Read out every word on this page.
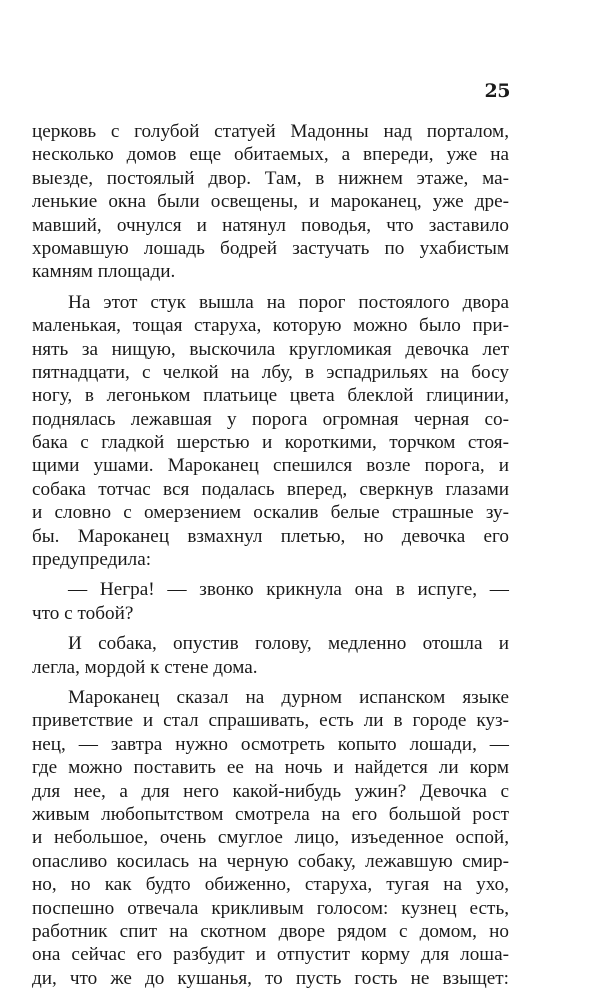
25
церковь с голубой статуей Мадонны над порталом,
несколько домов еще обитаемых, а впереди, уже на
выезде, постоялый двор. Там, в нижнем этаже, ма-
ленькие окна были освещены, и мароканец, уже дре-
мавший, очнулся и натянул поводья, что заставило
хромавшую лошадь бодрей застучать по ухабистым
камням площади.
На этот стук вышла на порог постоялого двора
маленькая, тощая старуха, которую можно было при-
нять за нищую, выскочила кругломикая девочка лет
пятнадцати, с челкой на лбу, в эспадрильях на босу
ногу, в легоньком платьице цвета блеклой глицинии,
поднялась лежавшая у порога огромная черная со-
бака с гладкой шерстью и короткими, торчком стоя-
щими ушами. Мароканец спешился возле порога, и
собака тотчас вся подалась вперед, сверкнув глазами
и словно с омерзением оскалив белые страшные зу-
бы. Мароканец взмахнул плетью, но девочка его
предупредила:
— Негра! — звонко крикнула она в испуге, —
что с тобой?
И собака, опустив голову, медленно отошла и
легла, мордой к стене дома.
Мароканец сказал на дурном испанском языке
приветствие и стал спрашивать, есть ли в городе куз-
нец, — завтра нужно осмотреть копыто лошади, —
где можно поставить ее на ночь и найдется ли корм
для нее, а для него какой-нибудь ужин? Девочка с
живым любопытством смотрела на его большой рост
и небольшое, очень смуглое лицо, изъеденное оспой,
опасливо косилась на черную собаку, лежавшую смир-
но, но как будто обиженно, старуха, тугая на ухо,
поспешно отвечала крикливым голосом: кузнец есть,
работник спит на скотном дворе рядом с домом, но
она сейчас его разбудит и отпустит корму для лоша-
ди, что же до кушанья, то пусть гость не взыщет:
